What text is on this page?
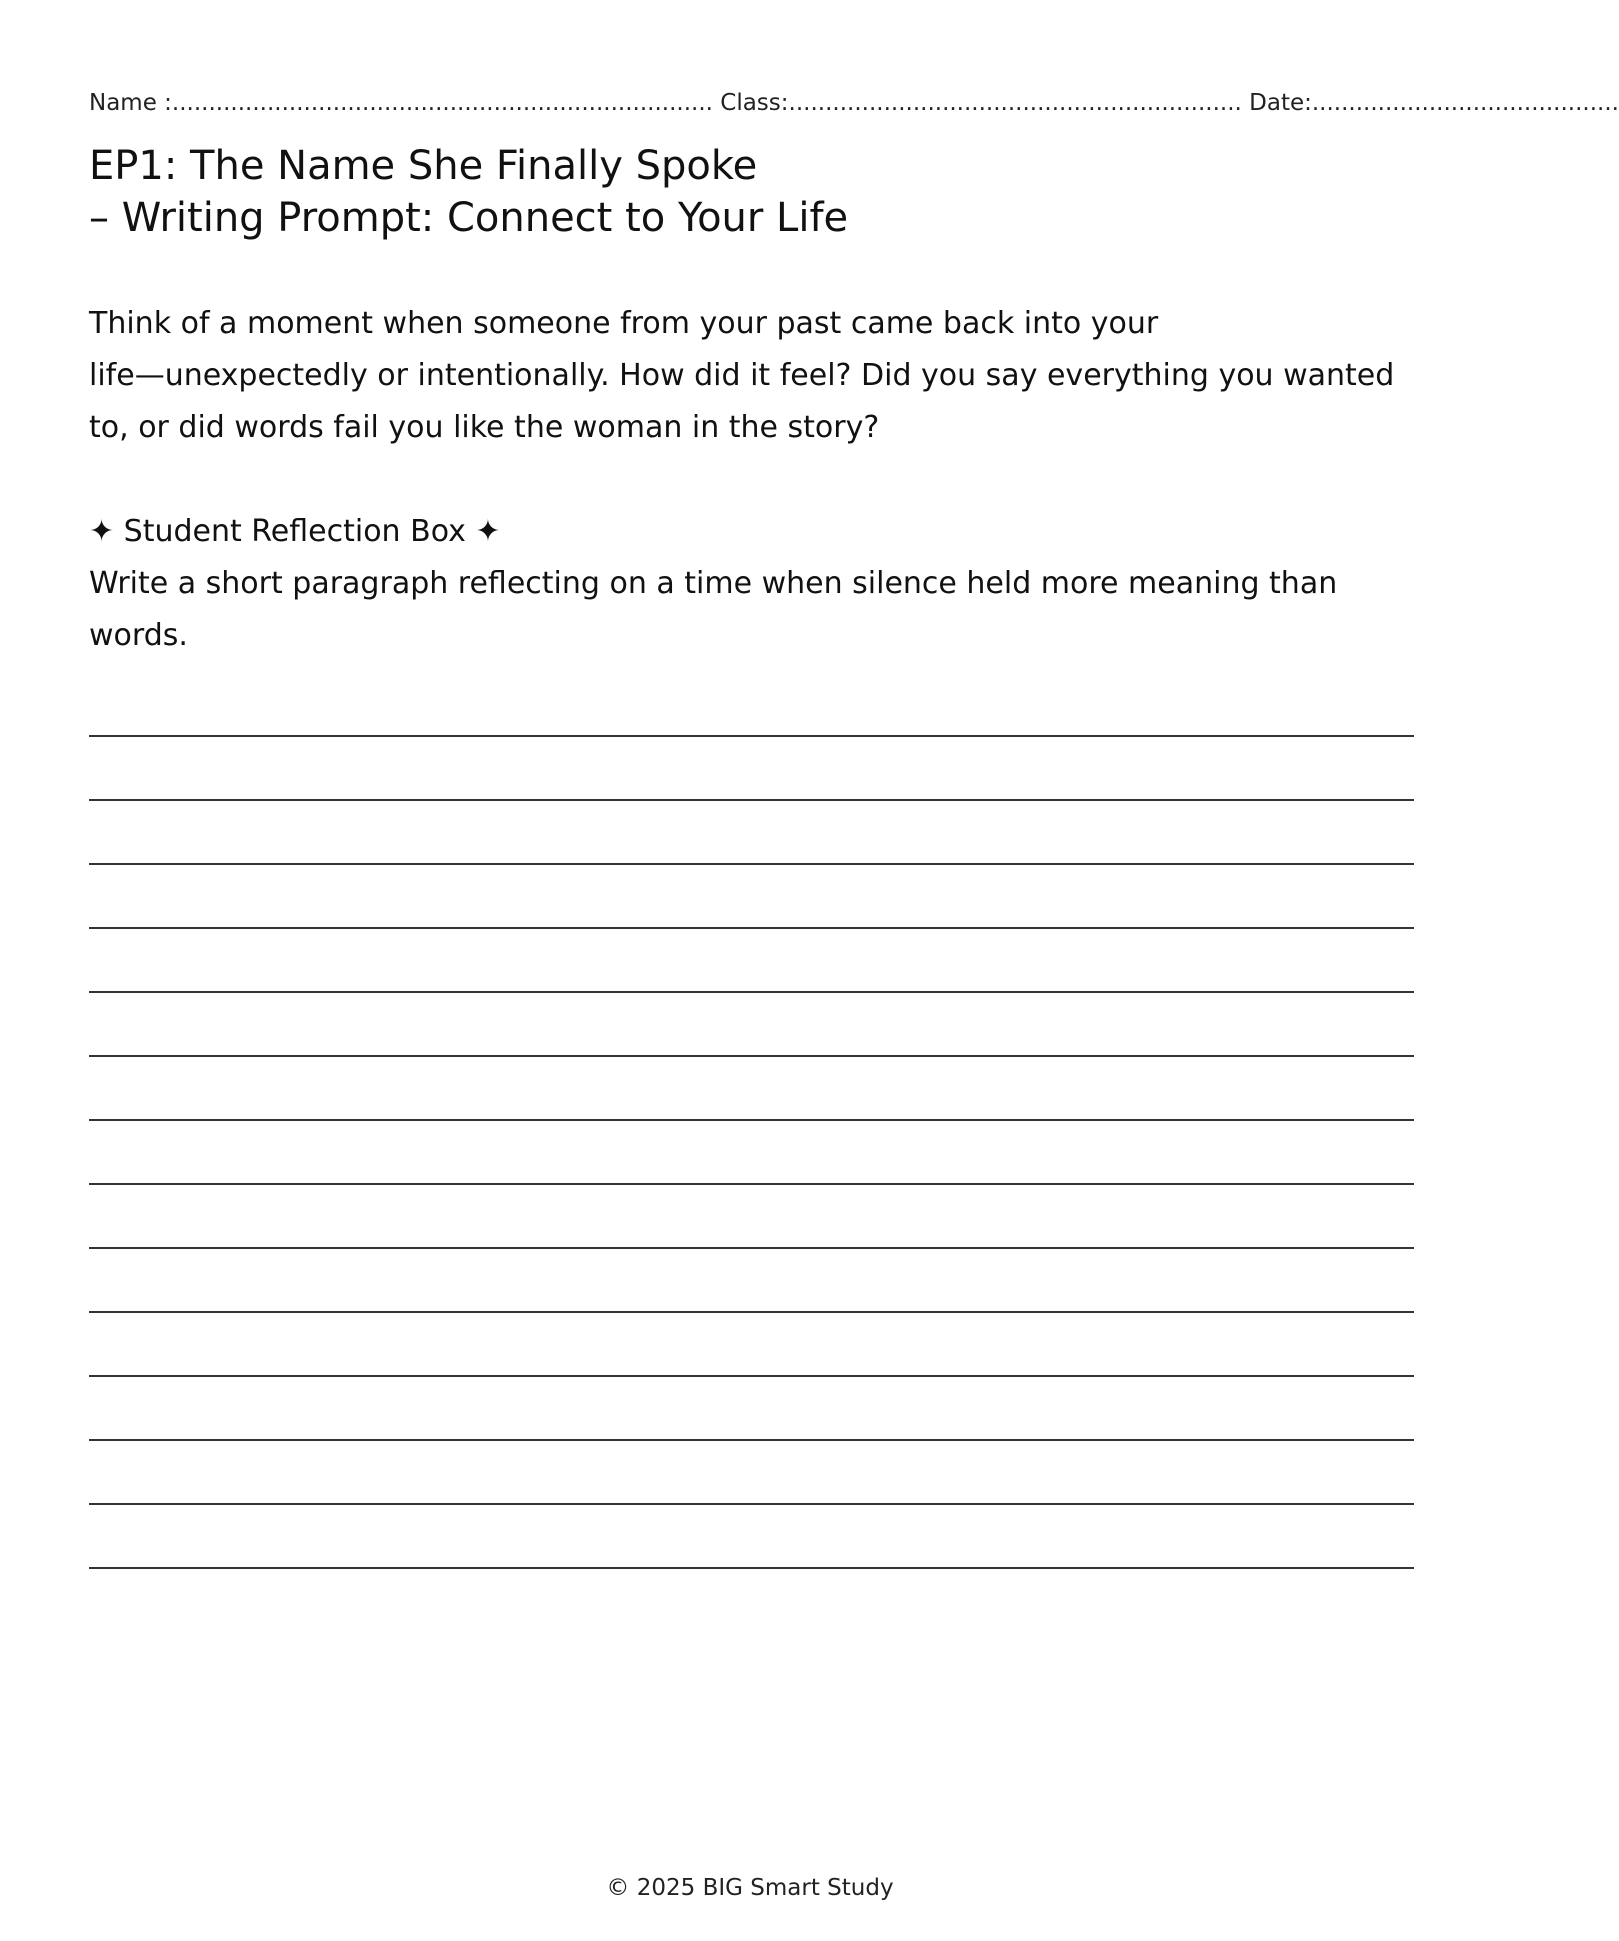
Name :.......................................................................... Class:.............................................................. Date:..........................................
EP1: The Name She Finally Spoke
– Writing Prompt: Connect to Your Life
Think of a moment when someone from your past came back into your
life—unexpectedly or intentionally. How did it feel? Did you say everything you wanted
to, or did words fail you like the woman in the story?
✦ Student Reflection Box ✦
Write a short paragraph reflecting on a time when silence held more meaning than
words.
© 2025 BIG Smart Study
